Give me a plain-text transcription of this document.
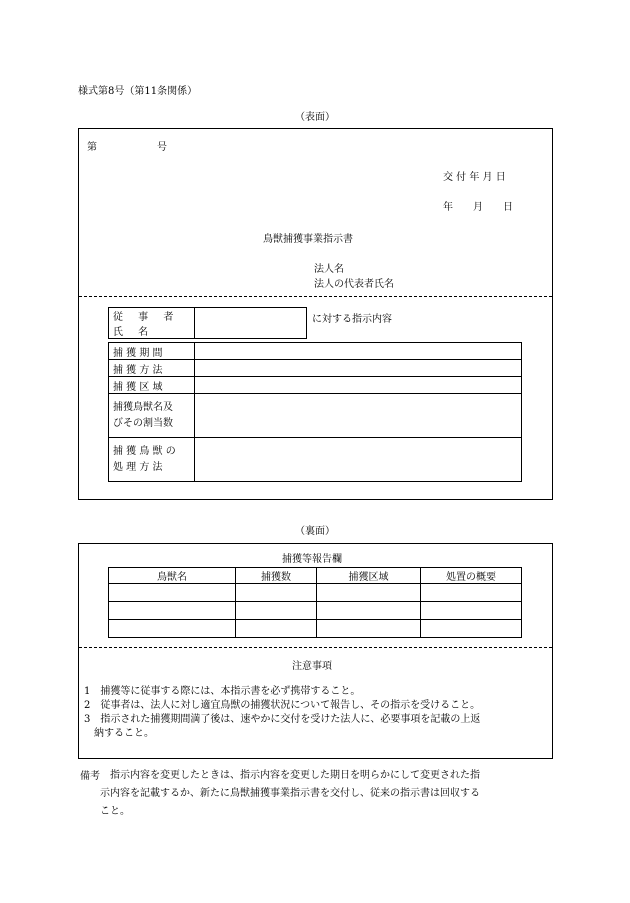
様式第8号（第11条関係）
（表面）
第	号
交 付 年 月 日
年　　月　　日
鳥獣捕獲事業指示書
法人名
法人の代表者氏名
従 事 者 氏 名	
に対する指示内容
捕 獲 期 間	
捕 獲 方 法	
捕 獲 区 域	

捕獲鳥獣名及
びその割当数	

捕 獲 鳥 獣 の
処 理 方 法	

（裏面）
捕獲等報告欄
鳥獣名	捕獲数	捕獲区域	処置の概要

注意事項
1　捕獲等に従事する際には、本指示書を必ず携帯すること。
2　従事者は、法人に対し適宜鳥獣の捕獲状況について報告し、その指示を受けること。
3　指示された捕獲期間満了後は、速やかに交付を受けた法人に、必要事項を記載の上返
　納すること。
備考 指示内容を変更したときは、指示内容を変更した期日を明らかにして変更された指
示内容を記載するか、新たに鳥獣捕獲事業指示書を交付し、従来の指示書は回収する
こと。
